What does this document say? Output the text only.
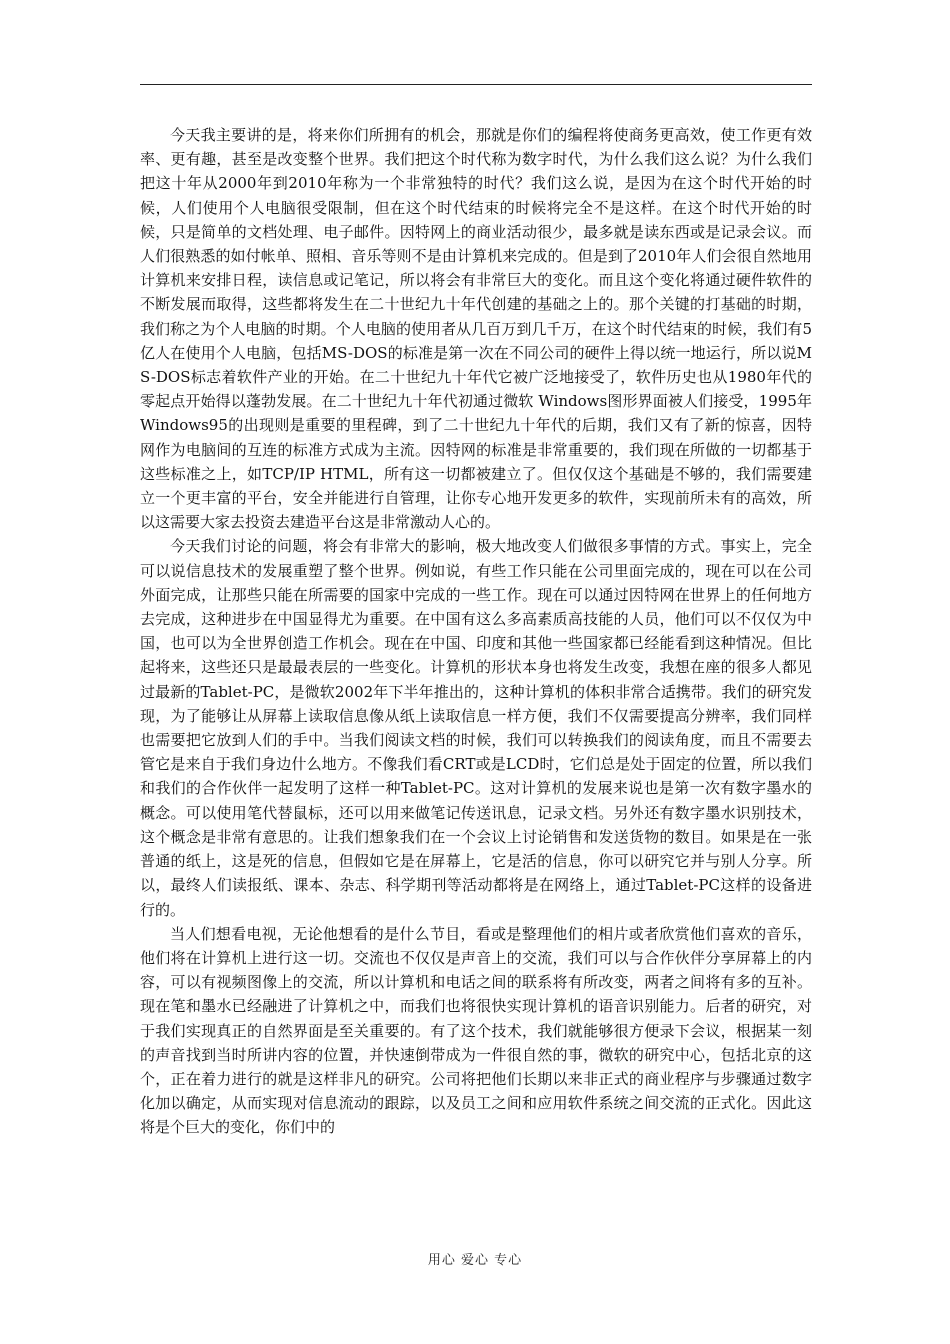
今天我主要讲的是，将来你们所拥有的机会，那就是你们的编程将使商务更高效，使工作更有效率、更有趣，甚至是改变整个世界。我们把这个时代称为数字时代，为什么我们这么说？为什么我们把这十年从2000年到2010年称为一个非常独特的时代？我们这么说，是因为在这个时代开始的时候，人们使用个人电脑很受限制，但在这个时代结束的时候将完全不是这样。在这个时代开始的时候，只是简单的文档处理、电子邮件。因特网上的商业活动很少，最多就是读东西或是记录会议。而人们很熟悉的如付帐单、照相、音乐等则不是由计算机来完成的。但是到了2010年人们会很自然地用计算机来安排日程，读信息或记笔记，所以将会有非常巨大的变化。而且这个变化将通过硬件软件的不断发展而取得，这些都将发生在二十世纪九十年代创建的基础之上的。那个关键的打基础的时期，我们称之为个人电脑的时期。个人电脑的使用者从几百万到几千万，在这个时代结束的时候，我们有5亿人在使用个人电脑，包括MS-DOS的标准是第一次在不同公司的硬件上得以统一地运行，所以说MS-DOS标志着软件产业的开始。在二十世纪九十年代它被广泛地接受了，软件历史也从1980年代的零起点开始得以蓬勃发展。在二十世纪九十年代初通过微软 Windows图形界面被人们接受，1995年Windows95的出现则是重要的里程碑，到了二十世纪九十年代的后期，我们又有了新的惊喜，因特网作为电脑间的互连的标准方式成为主流。因特网的标准是非常重要的，我们现在所做的一切都基于这些标准之上，如TCP/IP HTML，所有这一切都被建立了。但仅仅这个基础是不够的，我们需要建立一个更丰富的平台，安全并能进行自管理，让你专心地开发更多的软件，实现前所未有的高效，所以这需要大家去投资去建造平台这是非常激动人心的。

今天我们讨论的问题，将会有非常大的影响，极大地改变人们做很多事情的方式。事实上，完全可以说信息技术的发展重塑了整个世界。例如说，有些工作只能在公司里面完成的，现在可以在公司外面完成，让那些只能在所需要的国家中完成的一些工作。现在可以通过因特网在世界上的任何地方去完成，这种进步在中国显得尤为重要。在中国有这么多高素质高技能的人员，他们可以不仅仅为中国，也可以为全世界创造工作机会。现在在中国、印度和其他一些国家都已经能看到这种情况。但比起将来，这些还只是最最表层的一些变化。计算机的形状本身也将发生改变，我想在座的很多人都见过最新的Tablet-PC，是微软2002年下半年推出的，这种计算机的体积非常合适携带。我们的研究发现，为了能够让从屏幕上读取信息像从纸上读取信息一样方便，我们不仅需要提高分辨率，我们同样也需要把它放到人们的手中。当我们阅读文档的时候，我们可以转换我们的阅读角度，而且不需要去管它是来自于我们身边什么地方。不像我们看CRT或是LCD时，它们总是处于固定的位置，所以我们和我们的合作伙伴一起发明了这样一种Tablet-PC。这对计算机的发展来说也是第一次有数字墨水的概念。可以使用笔代替鼠标，还可以用来做笔记传送讯息，记录文档。另外还有数字墨水识别技术，这个概念是非常有意思的。让我们想象我们在一个会议上讨论销售和发送货物的数目。如果是在一张普通的纸上，这是死的信息，但假如它是在屏幕上，它是活的信息，你可以研究它并与别人分享。所以，最终人们读报纸、课本、杂志、科学期刊等活动都将是在网络上，通过Tablet-PC这样的设备进行的。

当人们想看电视，无论他想看的是什么节目，看或是整理他们的相片或者欣赏他们喜欢的音乐，他们将在计算机上进行这一切。交流也不仅仅是声音上的交流，我们可以与合作伙伴分享屏幕上的内容，可以有视频图像上的交流，所以计算机和电话之间的联系将有所改变，两者之间将有多的互补。现在笔和墨水已经融进了计算机之中，而我们也将很快实现计算机的语音识别能力。后者的研究，对于我们实现真正的自然界面是至关重要的。有了这个技术，我们就能够很方便录下会议，根据某一刻的声音找到当时所讲内容的位置，并快速倒带成为一件很自然的事，微软的研究中心，包括北京的这个，正在着力进行的就是这样非凡的研究。公司将把他们长期以来非正式的商业程序与步骤通过数字化加以确定，从而实现对信息流动的跟踪，以及员工之间和应用软件系统之间交流的正式化。因此这将是个巨大的变化，你们中的

用心 爱心 专心
